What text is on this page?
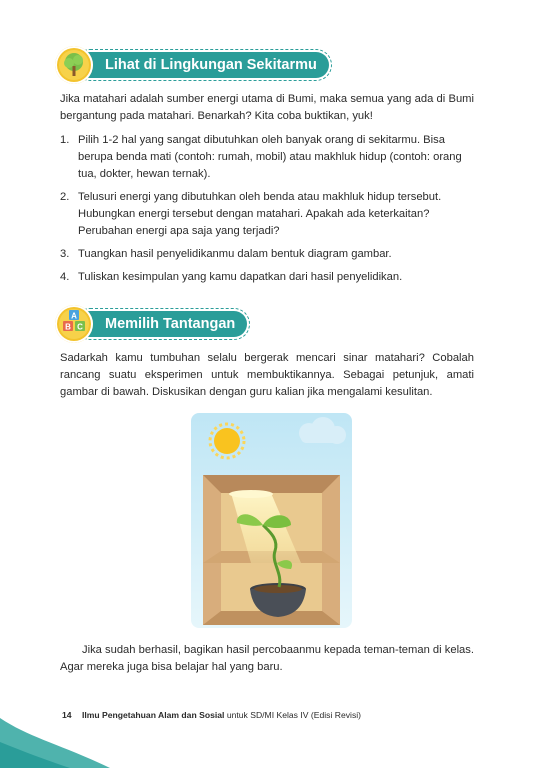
Lihat di Lingkungan Sekitarmu

Jika matahari adalah sumber energi utama di Bumi, maka semua yang ada di Bumi bergantung pada matahari. Benarkah? Kita coba buktikan, yuk!

1. Pilih 1-2 hal yang sangat dibutuhkan oleh banyak orang di sekitarmu. Bisa berupa benda mati (contoh: rumah, mobil) atau makhluk hidup (contoh: orang tua, dokter, hewan ternak).
2. Telusuri energi yang dibutuhkan oleh benda atau makhluk hidup tersebut. Hubungkan energi tersebut dengan matahari. Apakah ada keterkaitan? Perubahan energi apa saja yang terjadi?
3. Tuangkan hasil penyelidikanmu dalam bentuk diagram gambar.
4. Tuliskan kesimpulan yang kamu dapatkan dari hasil penyelidikan.
A
B C	Memilih Tantangan

Sadarkah kamu tumbuhan selalu bergerak mencari sinar matahari? Cobalah rancang suatu eksperimen untuk membuktikannya. Sebagai petunjuk, amati gambar di bawah. Diskusikan dengan guru kalian jika mengalami kesulitan.

Jika sudah berhasil, bagikan hasil percobaanmu kepada teman-teman di kelas. Agar mereka juga bisa belajar hal yang baru.

14 Ilmu Pengetahuan Alam dan Sosial untuk SD/MI Kelas IV (Edisi Revisi)
